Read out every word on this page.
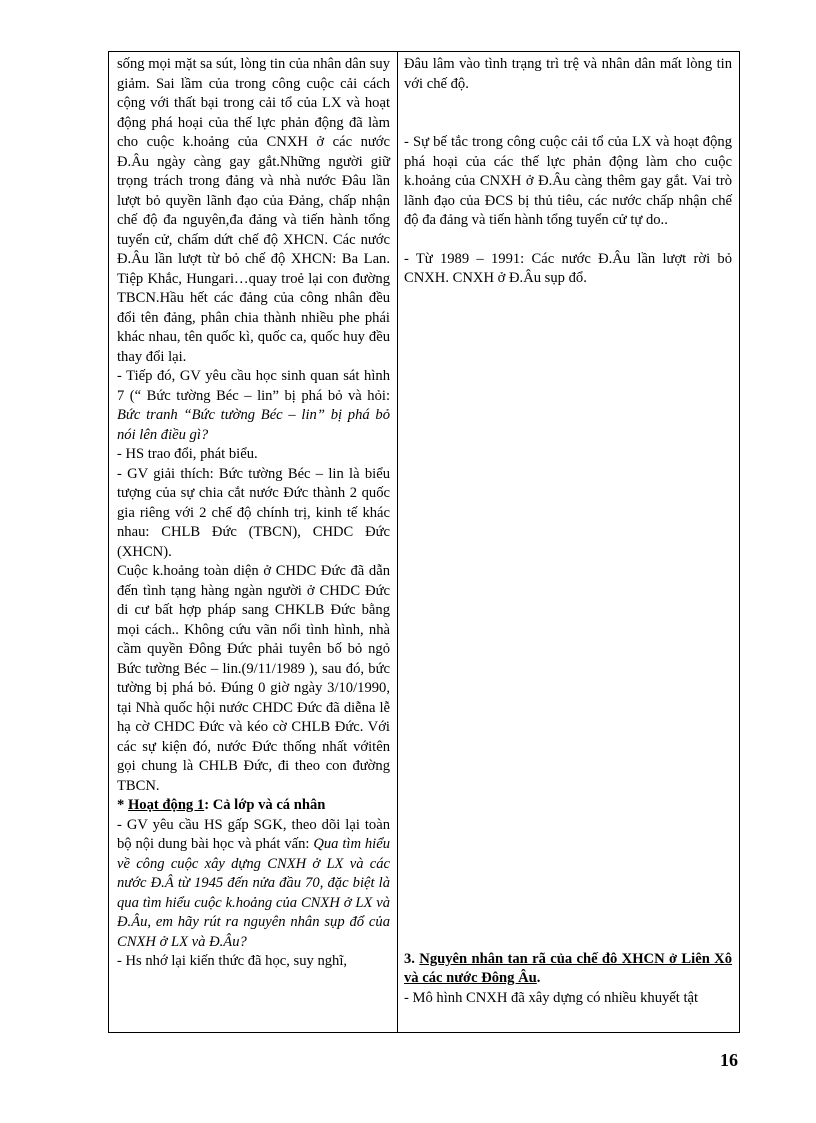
sống mọi mặt sa sút, lòng tin của nhân dân suy giảm. Sai lầm của trong công cuộc cải cách cộng với thất bại trong cải tổ của LX và hoạt động phá hoại của thế lực phản động đã làm cho cuộc k.hoảng của CNXH ở các nước Đ.Âu ngày càng gay gắt.Những người giữ trọng trách trong đảng và nhà nước Đâu lần lượt bỏ quyền lãnh đạo của Đảng, chấp nhận chế độ đa nguyên,đa đảng và tiến hành tổng tuyển cử, chấm dứt chế độ XHCN. Các nước Đ.Âu lần lượt từ bỏ chế độ XHCN: Ba Lan. Tiệp Khắc, Hungari…quay troẻ lại con đường TBCN.Hầu hết các đảng của công nhân đều đổi tên đảng, phân chia thành nhiều phe phái khác nhau, tên quốc kì, quốc ca, quốc huy đều thay đổi lại.

- Tiếp đó, GV yêu cầu học sinh quan sát hình 7 (“ Bức tường Béc – lin” bị phá bỏ và hỏi: Bức tranh “Bức tường Béc – lin” bị phá bỏ nói lên điều gì?

- HS trao đổi, phát biểu.

- GV giải thích: Bức tường Béc – lin là biểu tượng của sự chia cắt nước Đức thành 2 quốc gia riêng với 2 chế độ chính trị, kinh tế khác nhau: CHLB Đức (TBCN), CHDC Đức (XHCN).

Cuộc k.hoảng toàn diện ở CHDC Đức đã dẫn đến tình tạng hàng ngàn người ở CHDC Đức di cư bất hợp pháp sang CHKLB Đức bằng mọi cách.. Không cứu vãn nổi tình hình, nhà cầm quyền Đông Đức phải tuyên bố bỏ ngỏ Bức tường Béc – lin.(9/11/1989 ), sau đó, bức tường bị phá bỏ. Đúng 0 giờ ngày 3/10/1990, tại Nhà quốc hội nước CHDC Đức đã diễna lễ hạ cờ CHDC Đức và kéo cờ CHLB Đức. Với các sự kiện đó, nước Đức thống nhất vớitên gọi chung là CHLB Đức, đi theo con đường TBCN.

* Hoạt động 1: Cả lớp và cá nhân

- GV yêu cầu HS gấp SGK, theo dõi lại toàn bộ nội dung bài học và phát vấn: Qua tìm hiểu về công cuộc xây dựng CNXH ở LX và các nước Đ.Â từ 1945 đến nửa đầu 70, đặc biệt là qua tìm hiểu cuộc k.hoảng của CNXH ở LX và Đ.Âu, em hãy rút ra nguyên nhân sụp đổ của CNXH ở LX và Đ.Âu?

- Hs nhớ lại kiến thức đã học, suy nghĩ,

Đâu lâm vào tình trạng trì trệ và nhân dân mất lòng tin với chế độ.

- Sự bế tắc trong công cuộc cải tổ của LX và hoạt động phá hoại của các thế lực phản động làm cho cuộc k.hoảng của CNXH ở Đ.Âu càng thêm gay gắt. Vai trò lãnh đạo của ĐCS bị thủ tiêu, các nước chấp nhận chế độ đa đảng và tiến hành tổng tuyển cử tự do..

- Từ 1989 – 1991: Các nước Đ.Âu lần lượt rời bỏ CNXH. CNXH ở Đ.Âu sụp đổ.

3. Nguyên nhân tan rã của chế đô XHCN ở Liên Xô và các nước Đông Âu.

- Mô hình CNXH đã xây dựng có nhiều khuyết tật

16
